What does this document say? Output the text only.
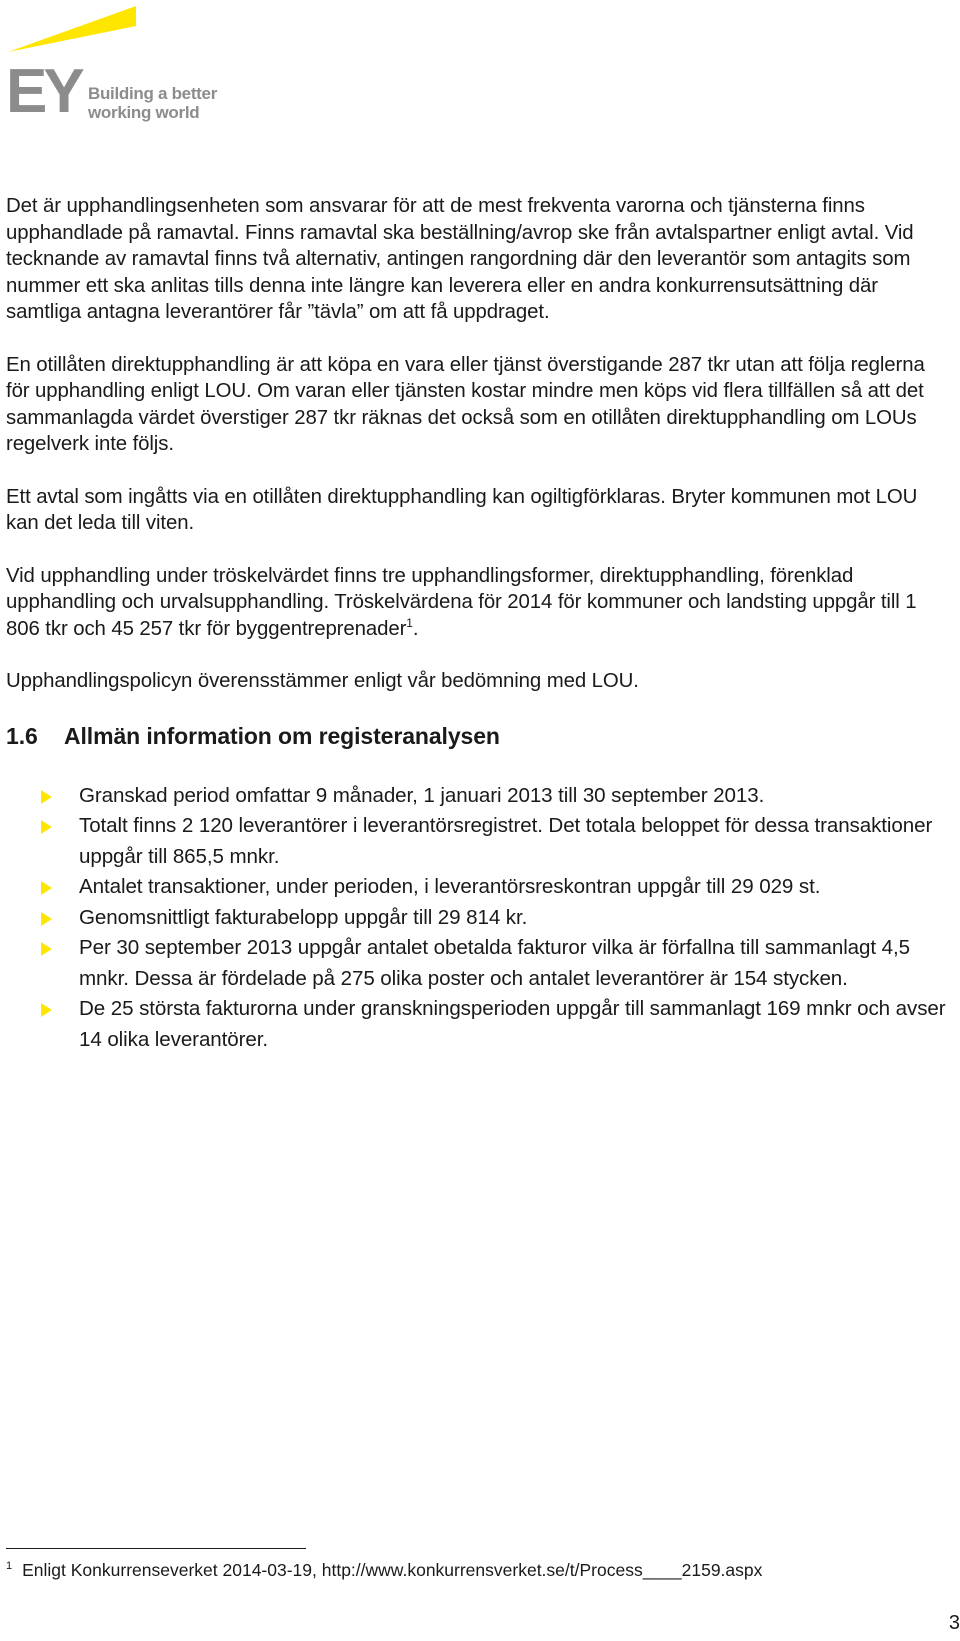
EY Building a better
working world

Det är upphandlingsenheten som ansvarar för att de mest frekventa varorna och tjänsterna finns upphandlade på ramavtal. Finns ramavtal ska beställning/avrop ske från avtalspartner enligt avtal. Vid tecknande av ramavtal finns två alternativ, antingen rangordning där den leverantör som antagits som nummer ett ska anlitas tills denna inte längre kan leverera eller en andra konkurrensutsättning där samtliga antagna leverantörer får ”tävla” om att få uppdraget.

En otillåten direktupphandling är att köpa en vara eller tjänst överstigande 287 tkr utan att följa reglerna för upphandling enligt LOU. Om varan eller tjänsten kostar mindre men köps vid flera tillfällen så att det sammanlagda värdet överstiger 287 tkr räknas det också som en otillåten direktupphandling om LOUs regelverk inte följs.

Ett avtal som ingåtts via en otillåten direktupphandling kan ogiltigförklaras. Bryter kommunen mot LOU kan det leda till viten.

Vid upphandling under tröskelvärdet finns tre upphandlingsformer, direktupphandling, förenklad upphandling och urvalsupphandling. Tröskelvärdena för 2014 för kommuner och landsting uppgår till 1 806 tkr och 45 257 tkr för byggentreprenader$^1$.

Upphandlingspolicyn överensstämmer enligt vår bedömning med LOU.

1.6	Allmän information om registeranalysen
Granskad period omfattar 9 månader, 1 januari 2013 till 30 september 2013.
Totalt finns 2 120 leverantörer i leverantörsregistret. Det totala beloppet för dessa transaktioner uppgår till 865,5 mnkr.
Antalet transaktioner, under perioden, i leverantörsreskontran uppgår till 29 029 st.
Genomsnittligt fakturabelopp uppgår till 29 814 kr.
Per 30 september 2013 uppgår antalet obetalda fakturor vilka är förfallna till sammanlagt 4,5 mnkr. Dessa är fördelade på 275 olika poster och antalet leverantörer är 154 stycken.
De 25 största fakturorna under granskningsperioden uppgår till sammanlagt 169 mnkr och avser 14 olika leverantörer.
$^1$ Enligt Konkurrenseverket 2014-03-19, http://www.konkurrensverket.se/t/Process____2159.aspx
3
